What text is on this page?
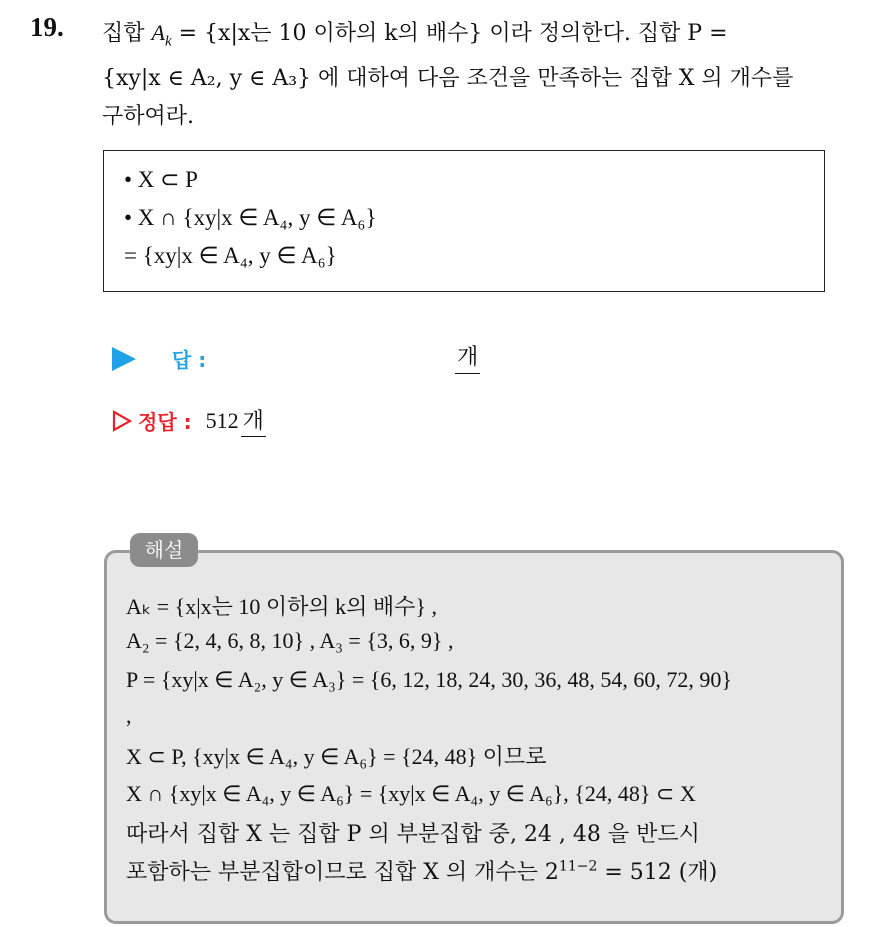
19. 집합 $A_k = \{x|x$는 10 이하의 k의 배수} 이라 정의한다. 집합 P =
{xy|x ∈ A₂, y ∈ A₃} 에 대하여 다음 조건을 만족하는 집합 X 의 개수를
구하여라.
• X ⊂ P
• X ∩ {xy|x ∈ A₄, y ∈ A₆}
= {xy|x ∈ A₄, y ∈ A₆}
답 :	개
정답 : 512 개
해설
Aₖ = {x|x는 10 이하의 k의 배수} ,
A₂ = {2, 4, 6, 8, 10} , A₃ = {3, 6, 9} ,
P = {xy|x ∈ A₂, y ∈ A₃} = {6, 12, 18, 24, 30, 36, 48, 54, 60, 72, 90}
,
X ⊂ P, {xy|x ∈ A₄, y ∈ A₆} = {24, 48} 이므로
X ∩ {xy|x ∈ A₄, y ∈ A₆} = {xy|x ∈ A₄, y ∈ A₆}, {24, 48} ⊂ X
따라서 집합 X 는 집합 P 의 부분집합 중, 24 , 48 을 반드시
포함하는 부분집합이므로 집합 X 의 개수는 $2^{11-2} = 512$ (개)
